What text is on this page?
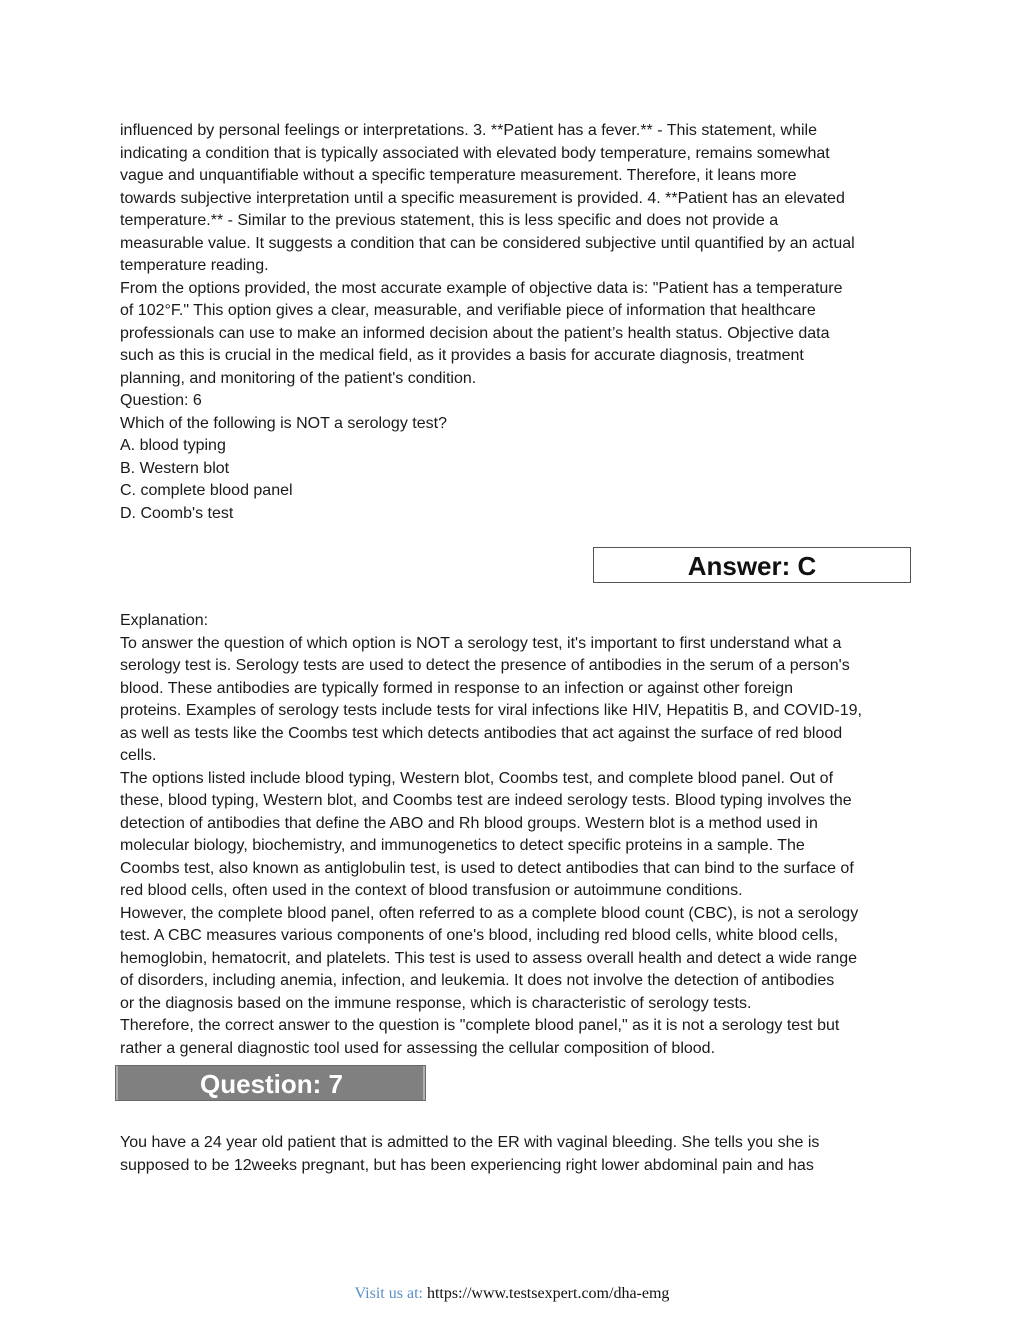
influenced by personal feelings or interpretations. 3. **Patient has a fever.** - This statement, while

indicating a condition that is typically associated with elevated body temperature, remains somewhat

vague and unquantifiable without a specific temperature measurement. Therefore, it leans more

towards subjective interpretation until a specific measurement is provided. 4. **Patient has an elevated

temperature.** - Similar to the previous statement, this is less specific and does not provide a

measurable value. It suggests a condition that can be considered subjective until quantified by an actual

temperature reading.

From the options provided, the most accurate example of objective data is: "Patient has a temperature

of 102°F." This option gives a clear, measurable, and verifiable piece of information that healthcare

professionals can use to make an informed decision about the patient’s health status. Objective data

such as this is crucial in the medical field, as it provides a basis for accurate diagnosis, treatment

planning, and monitoring of the patient's condition.

Question: 6

Which of the following is NOT a serology test?

A. blood typing

B. Western blot

C. complete blood panel

D. Coomb's test

Answer: C

Explanation:

To answer the question of which option is NOT a serology test, it's important to first understand what a

serology test is. Serology tests are used to detect the presence of antibodies in the serum of a person's

blood. These antibodies are typically formed in response to an infection or against other foreign

proteins. Examples of serology tests include tests for viral infections like HIV, Hepatitis B, and COVID-19,

as well as tests like the Coombs test which detects antibodies that act against the surface of red blood

cells.

The options listed include blood typing, Western blot, Coombs test, and complete blood panel. Out of

these, blood typing, Western blot, and Coombs test are indeed serology tests. Blood typing involves the

detection of antibodies that define the ABO and Rh blood groups. Western blot is a method used in

molecular biology, biochemistry, and immunogenetics to detect specific proteins in a sample. The

Coombs test, also known as antiglobulin test, is used to detect antibodies that can bind to the surface of

red blood cells, often used in the context of blood transfusion or autoimmune conditions.

However, the complete blood panel, often referred to as a complete blood count (CBC), is not a serology

test. A CBC measures various components of one's blood, including red blood cells, white blood cells,

hemoglobin, hematocrit, and platelets. This test is used to assess overall health and detect a wide range

of disorders, including anemia, infection, and leukemia. It does not involve the detection of antibodies

or the diagnosis based on the immune response, which is characteristic of serology tests.

Therefore, the correct answer to the question is "complete blood panel," as it is not a serology test but

rather a general diagnostic tool used for assessing the cellular composition of blood.

Question: 7

You have a 24 year old patient that is admitted to the ER with vaginal bleeding. She tells you she is

supposed to be 12weeks pregnant, but has been experiencing right lower abdominal pain and has

Visit us at: https://www.testsexpert.com/dha-emg
